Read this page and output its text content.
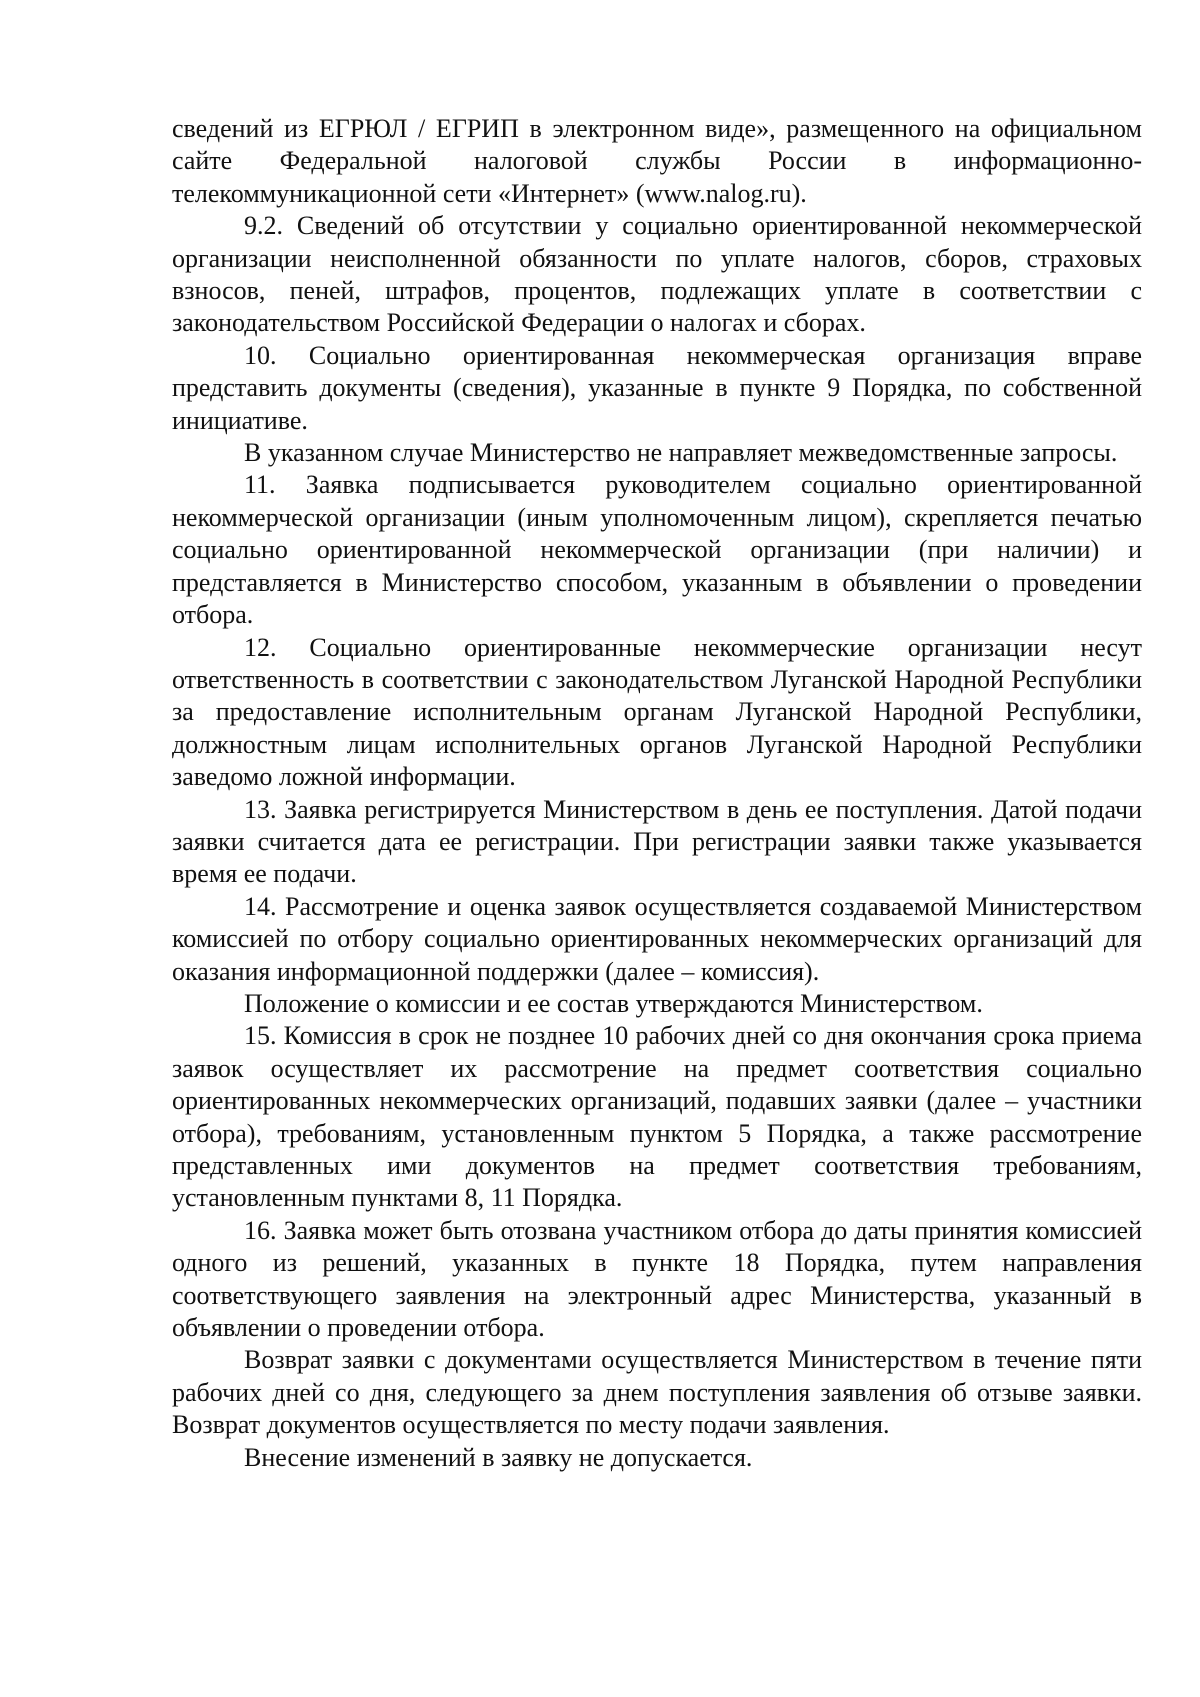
сведений из ЕГРЮЛ / ЕГРИП в электронном виде», размещенного на официальном сайте Федеральной налоговой службы России в информационно-телекоммуникационной сети «Интернет» (www.nalog.ru).

9.2. Сведений об отсутствии у социально ориентированной некоммерческой организации неисполненной обязанности по уплате налогов, сборов, страховых взносов, пеней, штрафов, процентов, подлежащих уплате в соответствии с законодательством Российской Федерации о налогах и сборах.

10. Социально ориентированная некоммерческая организация вправе представить документы (сведения), указанные в пункте 9 Порядка, по собственной инициативе.

В указанном случае Министерство не направляет межведомственные запросы.

11. Заявка подписывается руководителем социально ориентированной некоммерческой организации (иным уполномоченным лицом), скрепляется печатью социально ориентированной некоммерческой организации (при наличии) и представляется в Министерство способом, указанным в объявлении о проведении отбора.

12. Социально ориентированные некоммерческие организации несут ответственность в соответствии с законодательством Луганской Народной Республики за предоставление исполнительным органам Луганской Народной Республики, должностным лицам исполнительных органов Луганской Народной Республики заведомо ложной информации.

13. Заявка регистрируется Министерством в день ее поступления. Датой подачи заявки считается дата ее регистрации. При регистрации заявки также указывается время ее подачи.

14. Рассмотрение и оценка заявок осуществляется создаваемой Министерством комиссией по отбору социально ориентированных некоммерческих организаций для оказания информационной поддержки (далее – комиссия).

Положение о комиссии и ее состав утверждаются Министерством.

15. Комиссия в срок не позднее 10 рабочих дней со дня окончания срока приема заявок осуществляет их рассмотрение на предмет соответствия социально ориентированных некоммерческих организаций, подавших заявки (далее – участники отбора), требованиям, установленным пунктом 5 Порядка, а также рассмотрение представленных ими документов на предмет соответствия требованиям, установленным пунктами 8, 11 Порядка.

16. Заявка может быть отозвана участником отбора до даты принятия комиссией одного из решений, указанных в пункте 18 Порядка, путем направления соответствующего заявления на электронный адрес Министерства, указанный в объявлении о проведении отбора.

Возврат заявки с документами осуществляется Министерством в течение пяти рабочих дней со дня, следующего за днем поступления заявления об отзыве заявки. Возврат документов осуществляется по месту подачи заявления.

Внесение изменений в заявку не допускается.
